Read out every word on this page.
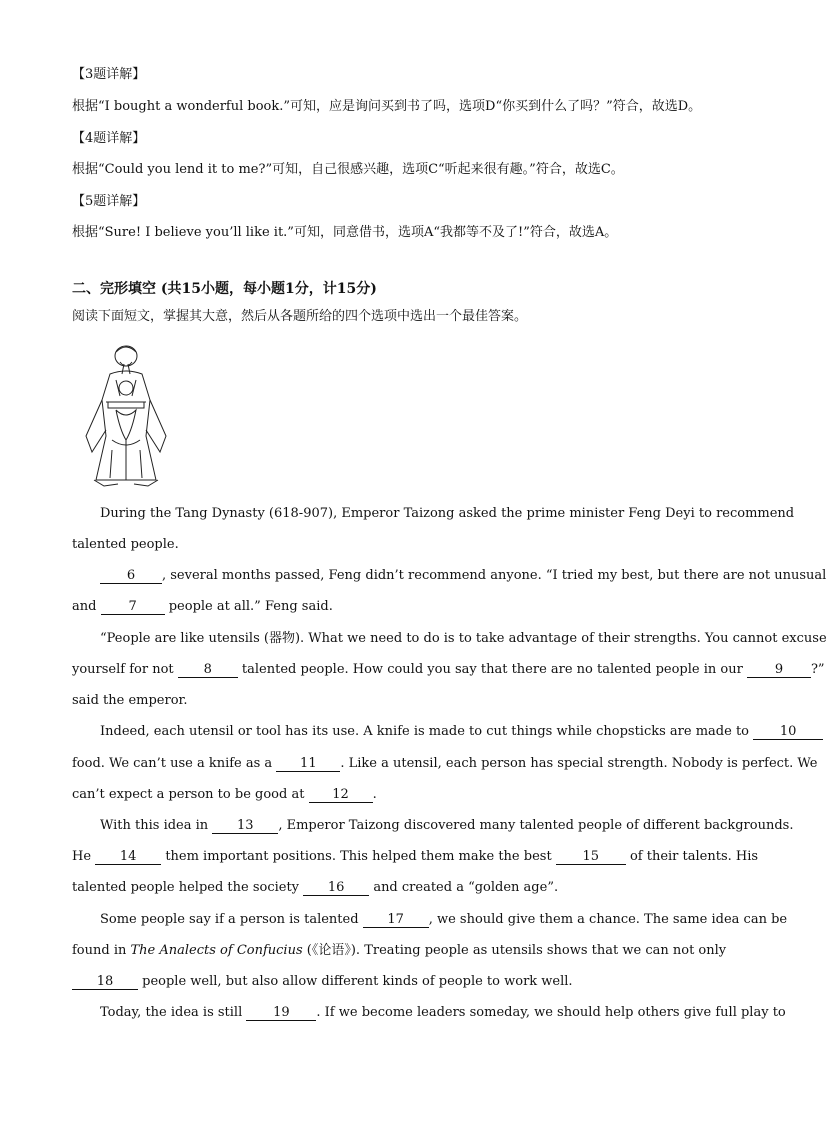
【3题详解】
根据“I bought a wonderful book.”可知，应是询问买到书了吗，选项D“你买到什么了吗？”符合，故选D。
【4题详解】
根据“Could you lend it to me?”可知，自己很感兴趣，选项C“听起来很有趣。”符合，故选C。
【5题详解】
根据“Sure! I believe you’ll like it.”可知，同意借书，选项A“我都等不及了!”符合，故选A。
二、完形填空 (共15小题，每小题1分，计15分)
阅读下面短文，掌握其大意，然后从各题所给的四个选项中选出一个最佳答案。
During the Tang Dynasty (618-907), Emperor Taizong asked the prime minister Feng Deyi to recommend
talented people.
6 , several months passed, Feng didn’t recommend anyone. “I tried my best, but there are not unusual
and 7 people at all.” Feng said.
“People are like utensils (器物). What we need to do is to take advantage of their strengths. You cannot excuse
yourself for not 8 talented people. How could you say that there are no talented people in our 9 ?”
said the emperor.
Indeed, each utensil or tool has its use. A knife is made to cut things while chopsticks are made to 10
food. We can’t use a knife as a 11 . Like a utensil, each person has special strength. Nobody is perfect. We
can’t expect a person to be good at 12 .
With this idea in 13 , Emperor Taizong discovered many talented people of different backgrounds.
He 14 them important positions. This helped them make the best 15 of their talents. His
talented people helped the society 16 and created a “golden age”.
Some people say if a person is talented 17 , we should give them a chance. The same idea can be
found in The Analects of Confucius (《论语》). Treating people as utensils shows that we can not only
18 people well, but also allow different kinds of people to work well.
Today, the idea is still 19 . If we become leaders someday, we should help others give full play to
